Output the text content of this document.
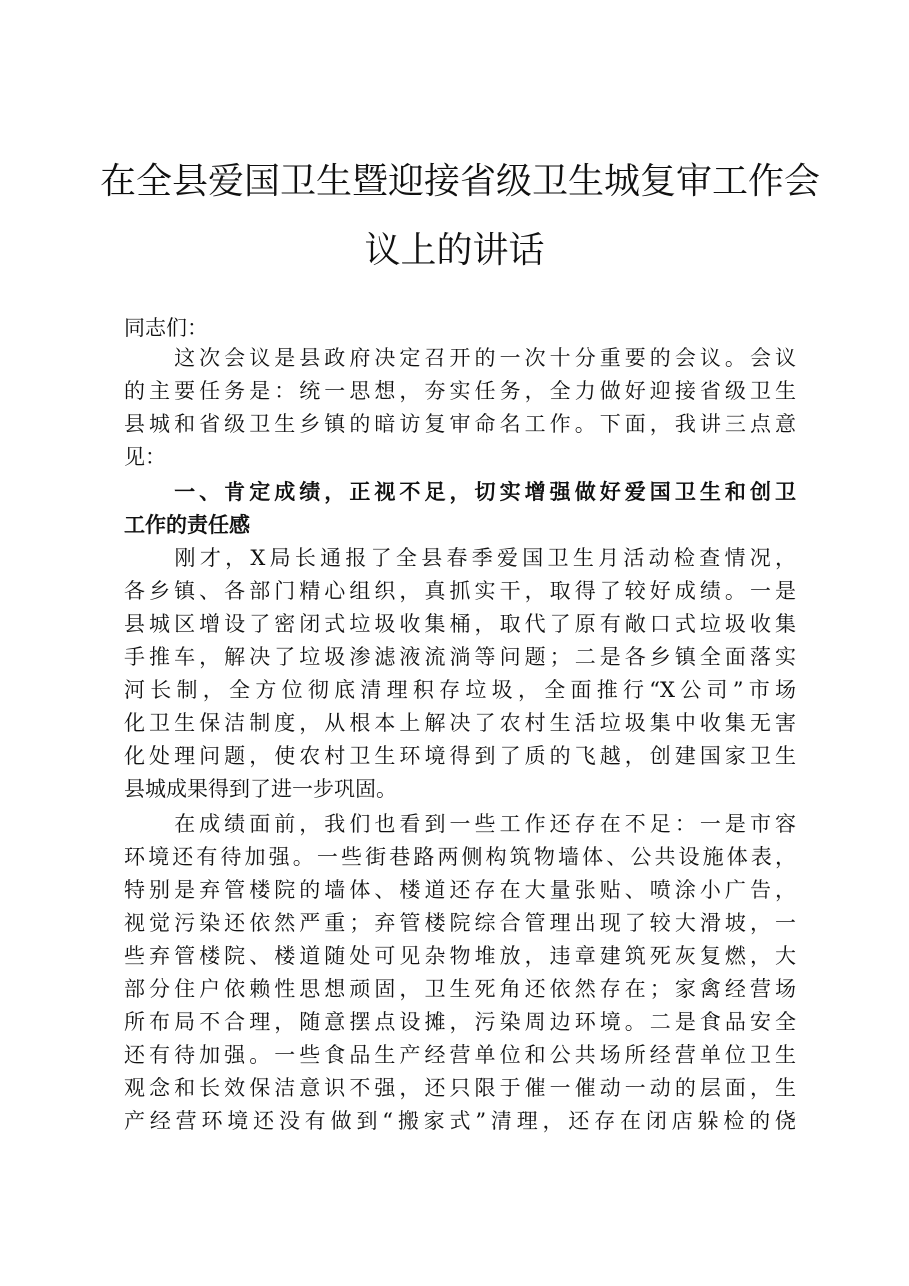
在全县爱国卫生暨迎接省级卫生城复审工作会
议上的讲话
同志们：
　　这次会议是县政府决定召开的一次十分重要的会议。会议
的主要任务是：统一思想，夯实任务，全力做好迎接省级卫生
县城和省级卫生乡镇的暗访复审命名工作。下面，我讲三点意
见：
　　一、肯定成绩，正视不足，切实增强做好爱国卫生和创卫
工作的责任感
　　刚才，X局长通报了全县春季爱国卫生月活动检查情况，
各乡镇、各部门精心组织，真抓实干，取得了较好成绩。一是
县城区增设了密闭式垃圾收集桶，取代了原有敞口式垃圾收集
手推车，解决了垃圾渗滤液流淌等问题；二是各乡镇全面落实
河长制，全方位彻底清理积存垃圾，全面推行“X公司”市场
化卫生保洁制度，从根本上解决了农村生活垃圾集中收集无害
化处理问题，使农村卫生环境得到了质的飞越，创建国家卫生
县城成果得到了进一步巩固。
　　在成绩面前，我们也看到一些工作还存在不足：一是市容
环境还有待加强。一些街巷路两侧构筑物墙体、公共设施体表，
特别是弃管楼院的墙体、楼道还存在大量张贴、喷涂小广告，
视觉污染还依然严重；弃管楼院综合管理出现了较大滑坡，一
些弃管楼院、楼道随处可见杂物堆放，违章建筑死灰复燃，大
部分住户依赖性思想顽固，卫生死角还依然存在；家禽经营场
所布局不合理，随意摆点设摊，污染周边环境。二是食品安全
还有待加强。一些食品生产经营单位和公共场所经营单位卫生
观念和长效保洁意识不强，还只限于催一催动一动的层面，生
产经营环境还没有做到“搬家式”清理，还存在闭店躲检的侥
